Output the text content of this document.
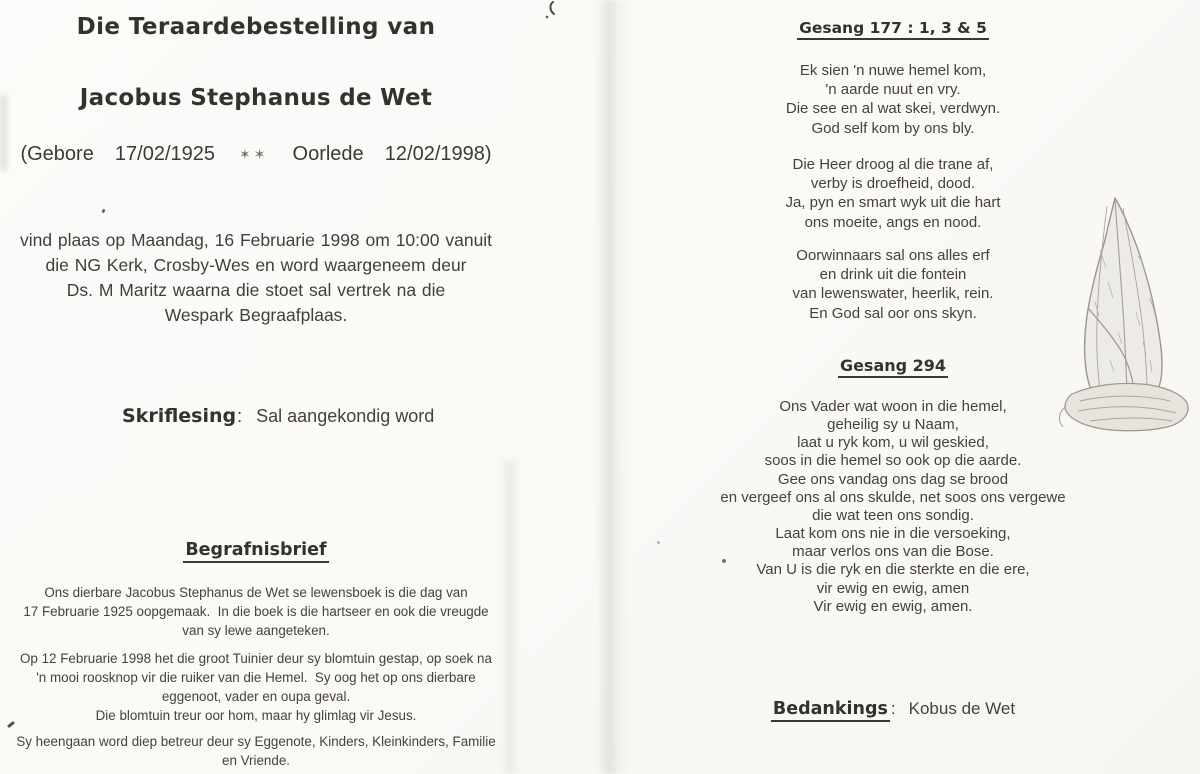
Die Teraardebestelling van
Jacobus Stephanus de Wet
(Gebore  17/02/1925 ✶✶ Oorlede  12/02/1998)
vind plaas op Maandag, 16 Februarie 1998 om 10:00 vanuit
die NG Kerk, Crosby-Wes en word waargeneem deur
Ds. M Maritz waarna die stoet sal vertrek na die
Wespark Begraafplaas.
Skriflesing : Sal aangekondig word
Begrafnisbrief
Ons dierbare Jacobus Stephanus de Wet se lewensboek is die dag van
17 Februarie 1925 oopgemaak.  In die boek is die hartseer en ook die vreugde
van sy lewe aangeteken.
Op 12 Februarie 1998 het die groot Tuinier deur sy blomtuin gestap, op soek na
'n mooi roosknop vir die ruiker van die Hemel.  Sy oog het op ons dierbare
eggenoot, vader en oupa geval.
Die blomtuin treur oor hom, maar hy glimlag vir Jesus.
Sy heengaan word diep betreur deur sy Eggenote, Kinders, Kleinkinders, Familie
en Vriende.
Gesang 177 : 1, 3 & 5
Ek sien 'n nuwe hemel kom,
'n aarde nuut en vry.
Die see en al wat skei, verdwyn.
God self kom by ons bly.
Die Heer droog al die trane af,
verby is droefheid, dood.
Ja, pyn en smart wyk uit die hart
ons moeite, angs en nood.
Oorwinnaars sal ons alles erf
en drink uit die fontein
van lewenswater, heerlik, rein.
En God sal oor ons skyn.
Gesang 294
Ons Vader wat woon in die hemel,
geheilig sy u Naam,
laat u ryk kom, u wil geskied,
soos in die hemel so ook op die aarde.
Gee ons vandag ons dag se brood
en vergeef ons al ons skulde, net soos ons vergewe
die wat teen ons sondig.
Laat kom ons nie in die versoeking,
maar verlos ons van die Bose.
Van U is die ryk en die sterkte en die ere,
vir ewig en ewig, amen
Vir ewig en ewig, amen.
Bedankings : Kobus de Wet
